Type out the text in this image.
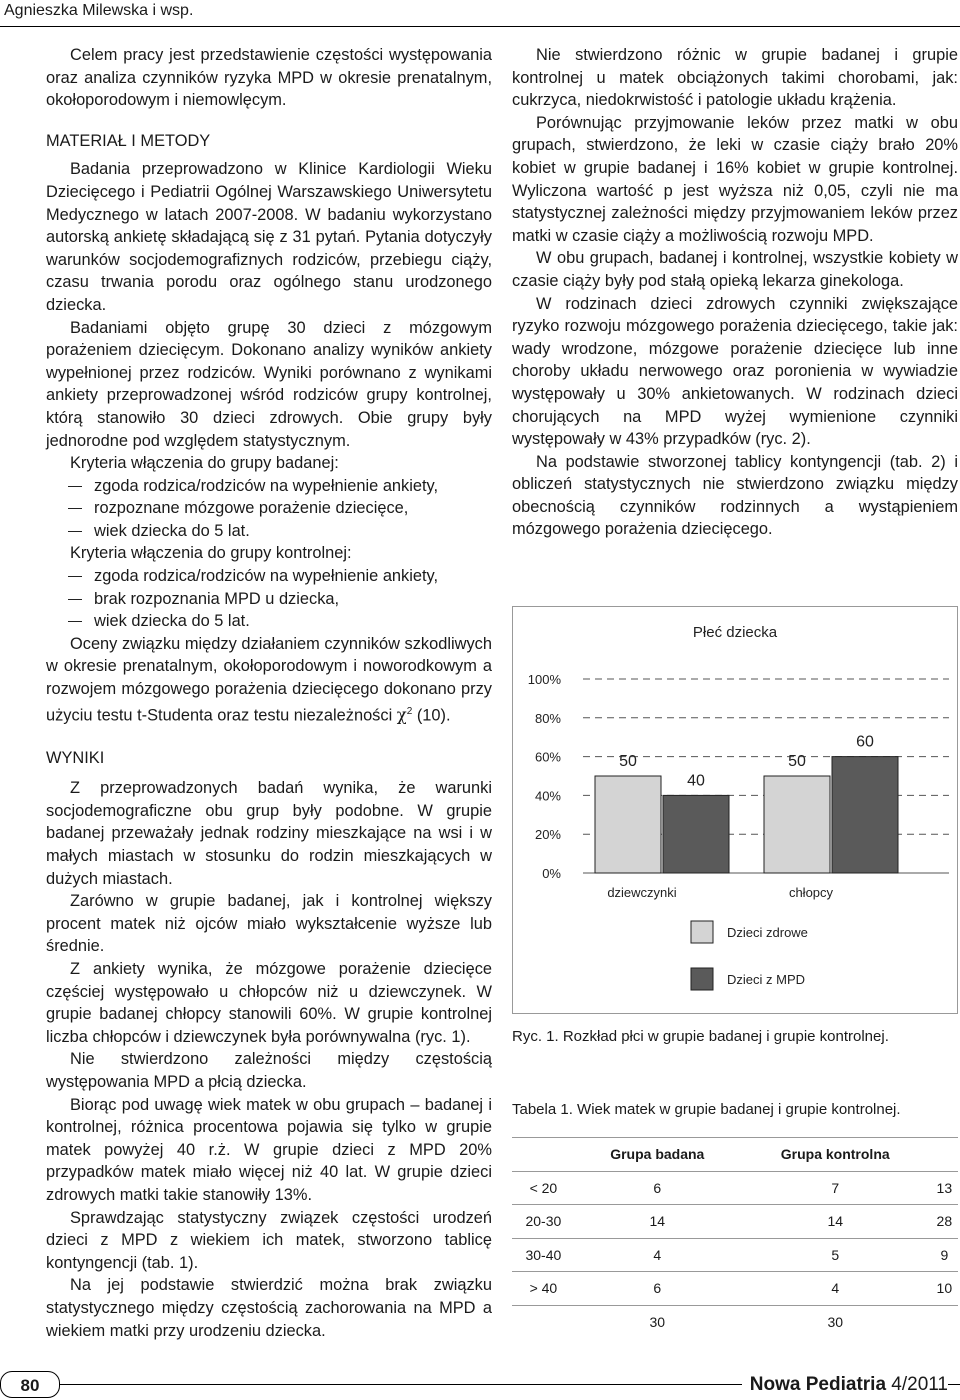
Agnieszka Milewska i wsp.

Celem pracy jest przedstawienie częstości występowania oraz analiza czynników ryzyka MPD w okresie prenatalnym, okołoporodowym i niemowlęcym.

MATERIAŁ I METODY

Badania przeprowadzono w Klinice Kardiologii Wieku Dziecięcego i Pediatrii Ogólnej Warszawskiego Uniwersytetu Medycznego w latach 2007-2008. W badaniu wykorzystano autorską ankietę składającą się z 31 pytań. Pytania dotyczyły warunków socjodemografiznych rodziców, przebiegu ciąży, czasu trwania porodu oraz ogólnego stanu urodzonego dziecka.

Badaniami objęto grupę 30 dzieci z mózgowym porażeniem dziecięcym. Dokonano analizy wyników ankiety wypełnionej przez rodziców. Wyniki porównano z wynikami ankiety przeprowadzonej wśród rodziców grupy kontrolnej, którą stanowiło 30 dzieci zdrowych. Obie grupy były jednorodne pod względem statystycznym.

Kryteria włączenia do grupy badanej:

zgoda rodzica/rodziców na wypełnienie ankiety,
rozpoznane mózgowe porażenie dziecięce,
wiek dziecka do 5 lat.

Kryteria włączenia do grupy kontrolnej:

zgoda rodzica/rodziców na wypełnienie ankiety,
brak rozpoznania MPD u dziecka,
wiek dziecka do 5 lat.

Oceny związku między działaniem czynników szkodliwych w okresie prenatalnym, okołoporodowym i noworodkowym a rozwojem mózgowego porażenia dziecięcego dokonano przy użyciu testu t-Studenta oraz testu niezależności $\chi^2$ (10).

WYNIKI

Z przeprowadzonych badań wynika, że warunki socjodemograficzne obu grup były podobne. W grupie badanej przeważały jednak rodziny mieszkające na wsi i w małych miastach w stosunku do rodzin mieszkających w dużych miastach.

Zarówno w grupie badanej, jak i kontrolnej większy procent matek niż ojców miało wykształcenie wyższe lub średnie.

Z ankiety wynika, że mózgowe porażenie dziecięce częściej występowało u chłopców niż u dziewczynek. W grupie badanej chłopcy stanowili 60%. W grupie kontrolnej liczba chłopców i dziewczynek była porównywalna (ryc. 1).

Nie stwierdzono zależności między częstością występowania MPD a płcią dziecka.

Biorąc pod uwagę wiek matek w obu grupach – badanej i kontrolnej, różnica procentowa pojawia się tylko w grupie matek powyżej 40 r.ż. W grupie dzieci z MPD 20% przypadków matek miało więcej niż 40 lat. W grupie dzieci zdrowych matki takie stanowiły 13%.

Sprawdzając statystyczny związek częstości urodzeń dzieci z MPD z wiekiem ich matek, stworzono tablicę kontyngencji (tab. 1).

Na jej podstawie stwierdzić można brak związku statystycznego między częstością zachorowania na MPD a wiekiem matki przy urodzeniu dziecka.

Nie stwierdzono różnic w grupie badanej i grupie kontrolnej u matek obciążonych takimi chorobami, jak: cukrzyca, niedokrwistość i patologie układu krążenia.

Porównując przyjmowanie leków przez matki w obu grupach, stwierdzono, że leki w czasie ciąży brało 20% kobiet w grupie badanej i 16% kobiet w grupie kontrolnej. Wyliczona wartość p jest wyższa niż 0,05, czyli nie ma statystycznej zależności między przyjmowaniem leków przez matki w czasie ciąży a możliwością rozwoju MPD.

W obu grupach, badanej i kontrolnej, wszystkie kobiety w czasie ciąży były pod stałą opieką lekarza ginekologa.

W rodzinach dzieci zdrowych czynniki zwiększające ryzyko rozwoju mózgowego porażenia dziecięcego, takie jak: wady wrodzone, mózgowe porażenie dziecięce lub inne choroby układu nerwowego oraz poronienia w wywiadzie występowały u 30% ankietowanych. W rodzinach dzieci chorujących na MPD wyżej wymienione czynniki występowały w 43% przypadków (ryc. 2).

Na podstawie stworzonej tablicy kontyngencji (tab. 2) i obliczeń statystycznych nie stwierdzono związku między obecnością czynników rodzinnych a wystąpieniem mózgowego porażenia dziecięcego.

Płeć dziecka
0%
20%
40%
60%
80%
100%
50
40
dziewczynki
50
60
chłopcy
Dzieci zdrowe
Dzieci z MPD
Ryc. 1. Rozkład płci w grupie badanej i grupie kontrolnej.
Tabela 1. Wiek matek w grupie badanej i grupie kontrolnej.
	Grupa badana	Grupa kontrolna	
< 20	6	7	13
20-30	14	14	28
30-40	4	5	9
> 40	6	4	10
	30	30	
80	Nowa Pediatria 4/2011
